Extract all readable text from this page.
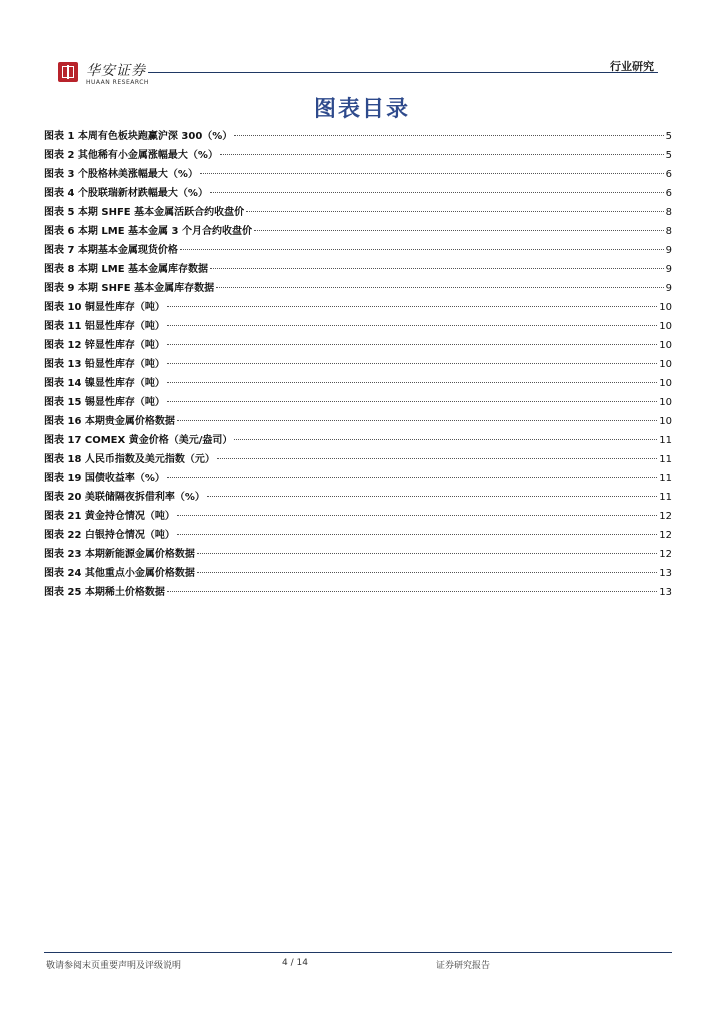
华安证券
HUAAN RESEARCH
行业研究
图表目录
图表 1 本周有色板块跑赢沪深 300（%）	5
图表 2 其他稀有小金属涨幅最大（%）	5
图表 3 个股格林美涨幅最大（%）	6
图表 4 个股联瑞新材跌幅最大（%）	6
图表 5 本期 SHFE 基本金属活跃合约收盘价	8
图表 6 本期 LME 基本金属 3 个月合约收盘价	8
图表 7 本期基本金属现货价格	9
图表 8 本期 LME 基本金属库存数据	9
图表 9 本期 SHFE 基本金属库存数据	9
图表 10 铜显性库存（吨）	10
图表 11 铝显性库存（吨）	10
图表 12 锌显性库存（吨）	10
图表 13 铅显性库存（吨）	10
图表 14 镍显性库存（吨）	10
图表 15 锡显性库存（吨）	10
图表 16 本期贵金属价格数据	10
图表 17 COMEX 黄金价格（美元/盎司）	11
图表 18 人民币指数及美元指数（元）	11
图表 19 国债收益率（%）	11
图表 20 美联储隔夜拆借利率（%）	11
图表 21 黄金持仓情况（吨）	12
图表 22 白银持仓情况（吨）	12
图表 23 本期新能源金属价格数据	12
图表 24 其他重点小金属价格数据	13
图表 25 本期稀土价格数据	13
敬请参阅末页重要声明及评级说明	4 / 14	证券研究报告
